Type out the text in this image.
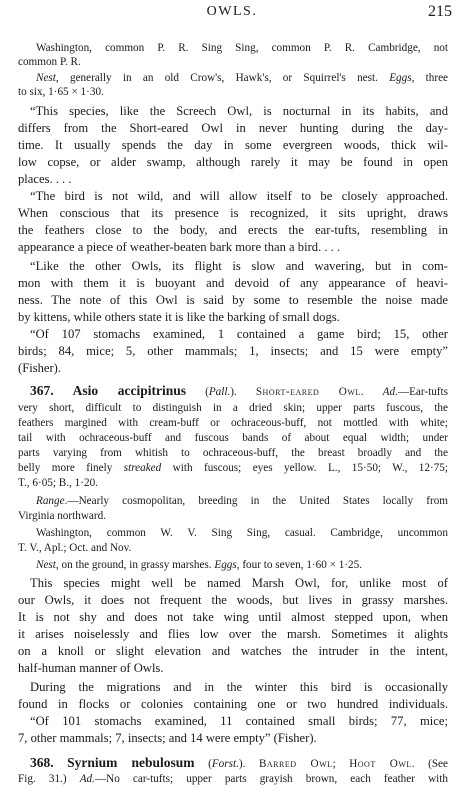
OWLS.	215
Washington, common P. R. Sing Sing, common P. R. Cambridge, not
common P. R.
Nest, generally in an old Crow's, Hawk's, or Squirrel's nest. Eggs, three
to six, 1·65 × 1·30.
“This species, like the Screech Owl, is nocturnal in its habits, and
differs from the Short-eared Owl in never hunting during the day-
time. It usually spends the day in some evergreen woods, thick wil-
low copse, or alder swamp, although rarely it may be found in open
places. . . .
“The bird is not wild, and will allow itself to be closely approached.
When conscious that its presence is recognized, it sits upright, draws
the feathers close to the body, and erects the ear-tufts, resembling in
appearance a piece of weather-beaten bark more than a bird. . . .
“Like the other Owls, its flight is slow and wavering, but in com-
mon with them it is buoyant and devoid of any appearance of heavi-
ness. The note of this Owl is said by some to resemble the noise made
by kittens, while others state it is like the barking of small dogs.
“Of 107 stomachs examined, 1 contained a game bird; 15, other
birds; 84, mice; 5, other mammals; 1, insects; and 15 were empty”
(Fisher).
367. Asio accipitrinus (Pall.). Short-eared Owl. Ad.—Ear-tufts
very short, difficult to distinguish in a dried skin; upper parts fuscous, the
feathers margined with cream-buff or ochraceous-buff, not mottled with white;
tail with ochraceous-buff and fuscous bands of about equal width; under
parts varying from whitish to ochraceous-buff, the breast broadly and the
belly more finely streaked with fuscous; eyes yellow. L., 15·50; W., 12·75;
T., 6·05; B., 1·20.
Range.—Nearly cosmopolitan, breeding in the United States locally from
Virginia northward.
Washington, common W. V. Sing Sing, casual. Cambridge, uncommon
T. V., Apl.; Oct. and Nov.
Nest, on the ground, in grassy marshes. Eggs, four to seven, 1·60 × 1·25.
This species might well be named Marsh Owl, for, unlike most of
our Owls, it does not frequent the woods, but lives in grassy marshes.
It is not shy and does not take wing until almost stepped upon, when
it arises noiselessly and flies low over the marsh. Sometimes it alights
on a knoll or slight elevation and watches the intruder in the intent,
half-human manner of Owls.
During the migrations and in the winter this bird is occasionally
found in flocks or colonies containing one or two hundred individuals.
“Of 101 stomachs examined, 11 contained small birds; 77, mice;
7, other mammals; 7, insects; and 14 were empty” (Fisher).
368. Syrnium nebulosum (Forst.). Barred Owl; Hoot Owl. (See
Fig. 31.) Ad.—No car-tufts; upper parts grayish brown, each feather with
